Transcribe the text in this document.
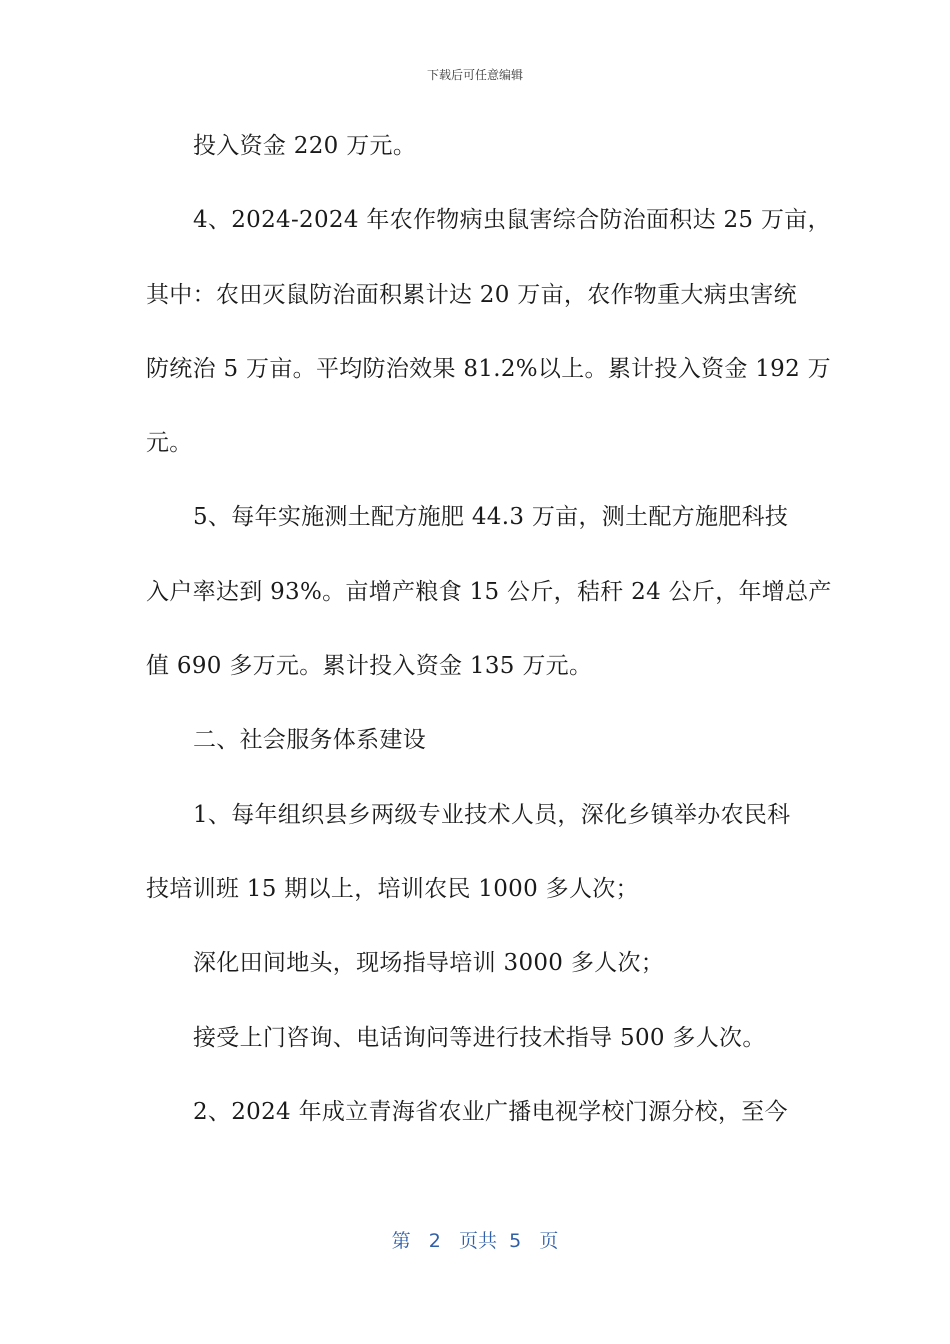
下载后可任意编辑
投入资金 220 万元。
4、2024-2024 年农作物病虫鼠害综合防治面积达 25 万亩，
其中：农田灭鼠防治面积累计达 20 万亩，农作物重大病虫害统
防统治 5 万亩。平均防治效果 81.2%以上。累计投入资金 192 万
元。
5、每年实施测土配方施肥 44.3 万亩，测土配方施肥科技
入户率达到 93%。亩增产粮食 15 公斤，秸秆 24 公斤，年增总产
值 690 多万元。累计投入资金 135 万元。
二、社会服务体系建设
1、每年组织县乡两级专业技术人员，深化乡镇举办农民科
技培训班 15 期以上，培训农民 1000 多人次；
深化田间地头，现场指导培训 3000 多人次；
接受上门咨询、电话询问等进行技术指导 500 多人次。
2、2024 年成立青海省农业广播电视学校门源分校，至今
第 2 页共 5 页
